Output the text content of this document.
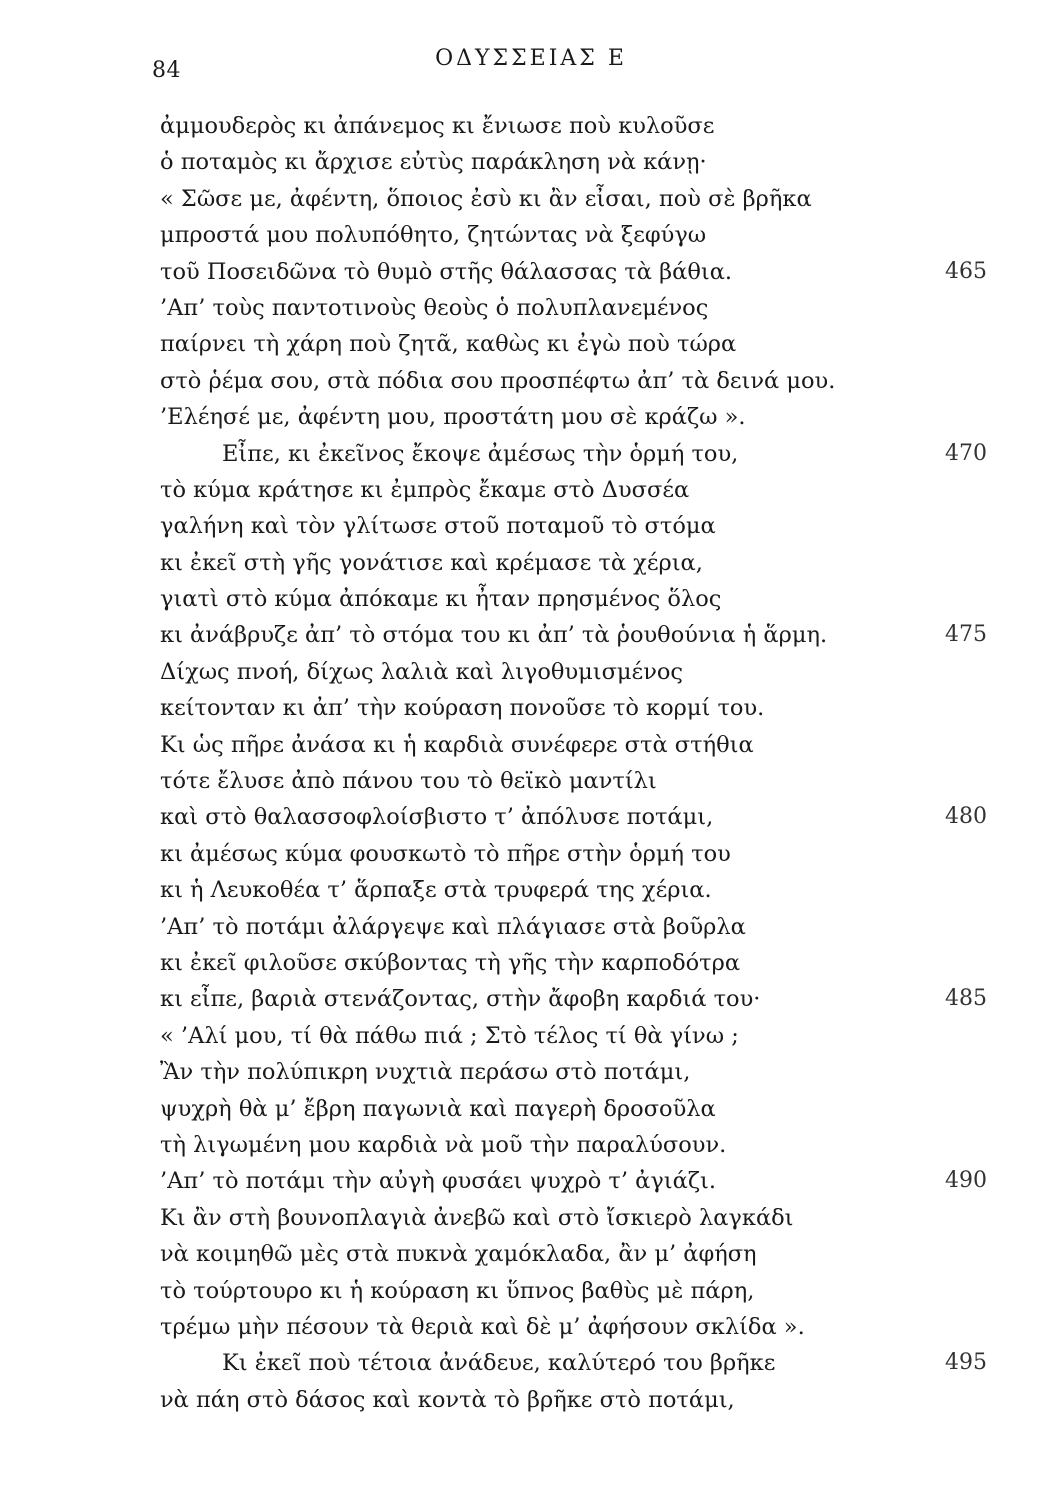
84	ΟΔΥΣΣΕΙΑΣ Ε
ἀμμουδερὸς κι ἀπάνεμος κι ἔνιωσε ποὺ κυλοῦσε
ὁ ποταμὸς κι ἄρχισε εὐτὺς παράκληση νὰ κάνῃ·
« Σῶσε με, ἀφέντη, ὅποιος ἐσὺ κι ἂν εἶσαι, ποὺ σὲ βρῆκα
μπροστά μου πολυπόθητο, ζητώντας νὰ ξεφύγω
τοῦ Ποσειδῶνα τὸ θυμὸ στῆς θάλασσας τὰ βάθια.	465
’Απ’ τοὺς παντοτινοὺς θεοὺς ὁ πολυπλανεμένος
παίρνει τὴ χάρη ποὺ ζητᾶ, καθὼς κι ἐγὼ ποὺ τώρα
στὸ ῥέμα σου, στὰ πόδια σου προσπέφτω ἀπ’ τὰ δεινά μου.
’Ελέησέ με, ἀφέντη μου, προστάτη μου σὲ κράζω ».
Εἶπε, κι ἐκεῖνος ἔκοψε ἀμέσως τὴν ὁρμή του,	470
τὸ κύμα κράτησε κι ἐμπρὸς ἔκαμε στὸ Δυσσέα
γαλήνη καὶ τὸν γλίτωσε στοῦ ποταμοῦ τὸ στόμα
κι ἐκεῖ στὴ γῆς γονάτισε καὶ κρέμασε τὰ χέρια,
γιατὶ στὸ κύμα ἀπόκαμε κι ἦταν πρησμένος ὅλος
κι ἀνάβρυζε ἀπ’ τὸ στόμα του κι ἀπ’ τὰ ῥουθούνια ἡ ἅρμη.	475
Δίχως πνοή, δίχως λαλιὰ καὶ λιγοθυμισμένος
κείτονταν κι ἀπ’ τὴν κούραση πονοῦσε τὸ κορμί του.
Κι ὡς πῆρε ἀνάσα κι ἡ καρδιὰ συνέφερε στὰ στήθια
τότε ἔλυσε ἀπὸ πάνου του τὸ θεϊκὸ μαντίλι
καὶ στὸ θαλασσοφλοίσβιστο τ’ ἀπόλυσε ποτάμι,	480
κι ἀμέσως κύμα φουσκωτὸ τὸ πῆρε στὴν ὁρμή του
κι ἡ Λευκοθέα τ’ ἅρπαξε στὰ τρυφερά της χέρια.
’Απ’ τὸ ποτάμι ἀλάργεψε καὶ πλάγιασε στὰ βοῦρλα
κι ἐκεῖ φιλοῦσε σκύβοντας τὴ γῆς τὴν καρποδότρα
κι εἶπε, βαριὰ στενάζοντας, στὴν ἄφοβη καρδιά του·	485
« ’Αλί μου, τί θὰ πάθω πιά ; Στὸ τέλος τί θὰ γίνω ;
Ἂν τὴν πολύπικρη νυχτιὰ περάσω στὸ ποτάμι,
ψυχρὴ θὰ μ’ ἔβρη παγωνιὰ καὶ παγερὴ δροσοῦλα
τὴ λιγωμένη μου καρδιὰ νὰ μοῦ τὴν παραλύσουν.
’Απ’ τὸ ποτάμι τὴν αὐγὴ φυσάει ψυχρὸ τ’ ἀγιάζι.	490
Κι ἂν στὴ βουνοπλαγιὰ ἀνεβῶ καὶ στὸ ἴσκιερὸ λαγκάδι
νὰ κοιμηθῶ μὲς στὰ πυκνὰ χαμόκλαδα, ἂν μ’ ἀφήση
τὸ τούρτουρο κι ἡ κούραση κι ὕπνος βαθὺς μὲ πάρη,
τρέμω μὴν πέσουν τὰ θεριὰ καὶ δὲ μ’ ἀφήσουν σκλίδα ».
Κι ἐκεῖ ποὺ τέτοια ἀνάδευε, καλύτερό του βρῆκε	495
νὰ πάη στὸ δάσος καὶ κοντὰ τὸ βρῆκε στὸ ποτάμι,
